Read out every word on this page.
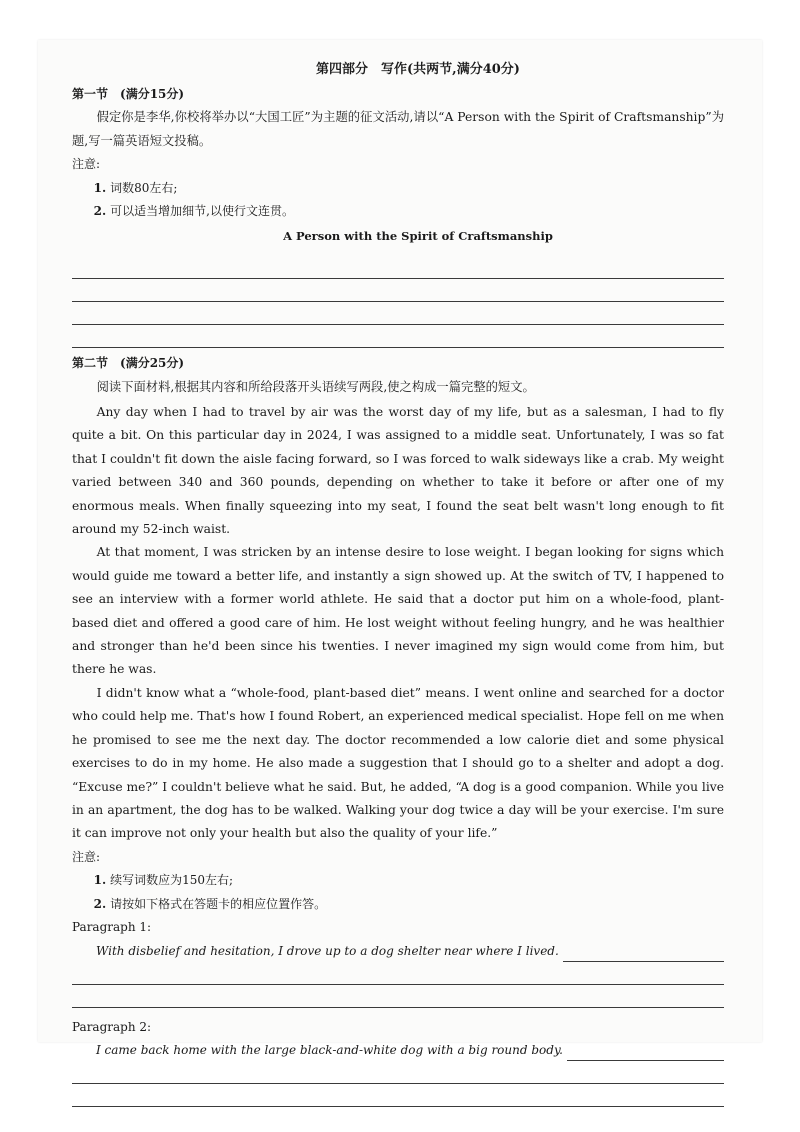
第四部分　写作(共两节,满分40分)
第一节 (满分15分)

假定你是李华,你校将举办以“大国工匠”为主题的征文活动,请以“A Person with the Spirit of Craftsmanship”为题,写一篇英语短文投稿。

注意:
1. 词数80左右;
2. 可以适当增加细节,以使行文连贯。
A Person with the Spirit of Craftsmanship
第二节 (满分25分)

阅读下面材料,根据其内容和所给段落开头语续写两段,使之构成一篇完整的短文。

Any day when I had to travel by air was the worst day of my life, but as a salesman, I had to fly quite a bit. On this particular day in 2024, I was assigned to a middle seat. Unfortunately, I was so fat that I couldn't fit down the aisle facing forward, so I was forced to walk sideways like a crab. My weight varied between 340 and 360 pounds, depending on whether to take it before or after one of my enormous meals. When finally squeezing into my seat, I found the seat belt wasn't long enough to fit around my 52-inch waist.

At that moment, I was stricken by an intense desire to lose weight. I began looking for signs which would guide me toward a better life, and instantly a sign showed up. At the switch of TV, I happened to see an interview with a former world athlete. He said that a doctor put him on a whole-food, plant-based diet and offered a good care of him. He lost weight without feeling hungry, and he was healthier and stronger than he'd been since his twenties. I never imagined my sign would come from him, but there he was.

I didn't know what a “whole-food, plant-based diet” means. I went online and searched for a doctor who could help me. That's how I found Robert, an experienced medical specialist. Hope fell on me when he promised to see me the next day. The doctor recommended a low calorie diet and some physical exercises to do in my home. He also made a suggestion that I should go to a shelter and adopt a dog. “Excuse me?” I couldn't believe what he said. But, he added, “A dog is a good companion. While you live in an apartment, the dog has to be walked. Walking your dog twice a day will be your exercise. I'm sure it can improve not only your health but also the quality of your life.”

注意:
1. 续写词数应为150左右;
2. 请按如下格式在答题卡的相应位置作答。
Paragraph 1:
With disbelief and hesitation, I drove up to a dog shelter near where I lived.
Paragraph 2:
I came back home with the large black-and-white dog with a big round body.
